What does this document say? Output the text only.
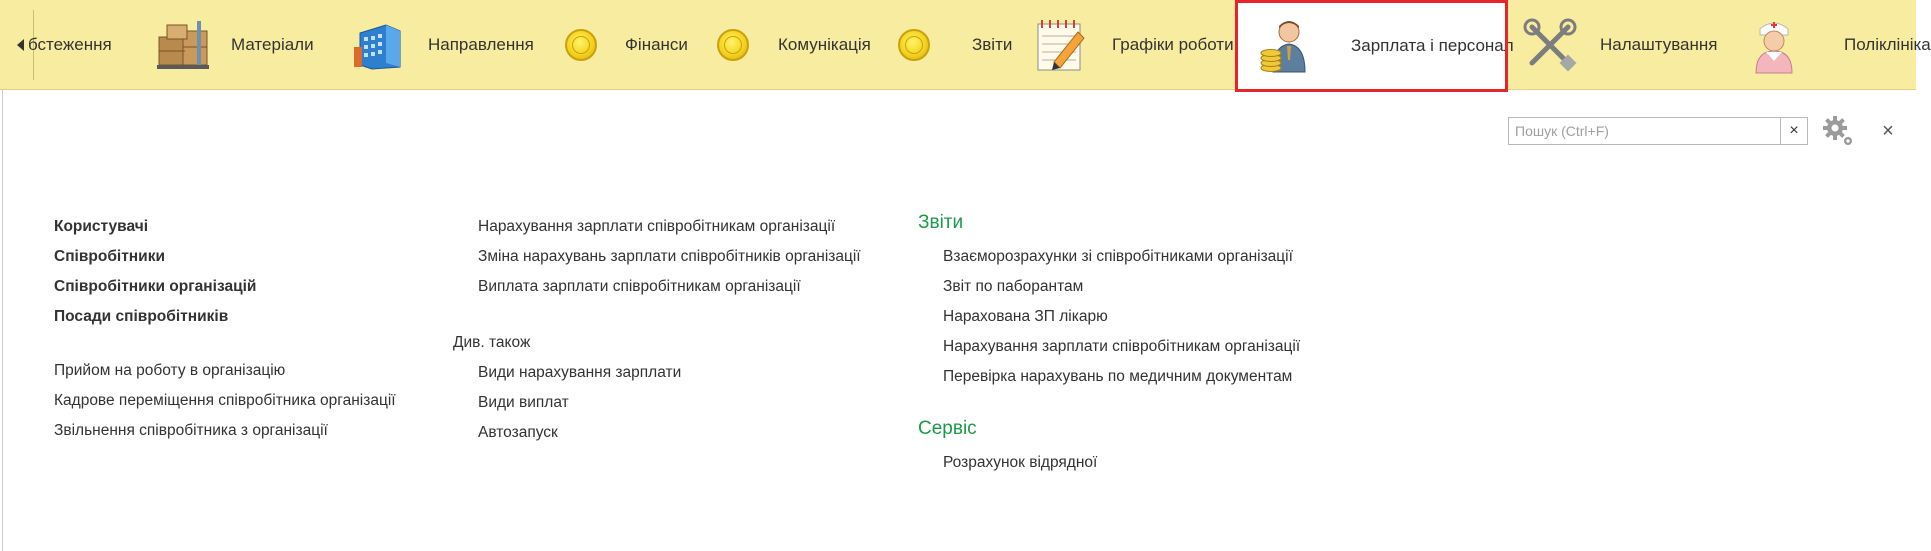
бстеження	Матеріали	Направлення	Фінанси	Комунікація	Звіти	Графіки роботи	Зарплата і персонал	Налаштування	Поліклініка
Пошук (Ctrl+F)
×	×
Користувачі
Співробітники
Співробітники організацій
Посади співробітників
Прийом на роботу в організацію
Кадрове переміщення співробітника організації
Звільнення співробітника з організації
Нарахування зарплати співробітникам організації
Зміна нарахувань зарплати співробітників організації
Виплата зарплати співробітникам організації
Див. також
Види нарахування зарплати
Види виплат
Автозапуск
Звіти
Взаєморозрахунки зі співробітниками організації
Звіт по паборантам
Нарахована ЗП лікарю
Нарахування зарплати співробітникам організації
Перевірка нарахувань по медичним документам
Сервіс
Розрахунок відрядної
